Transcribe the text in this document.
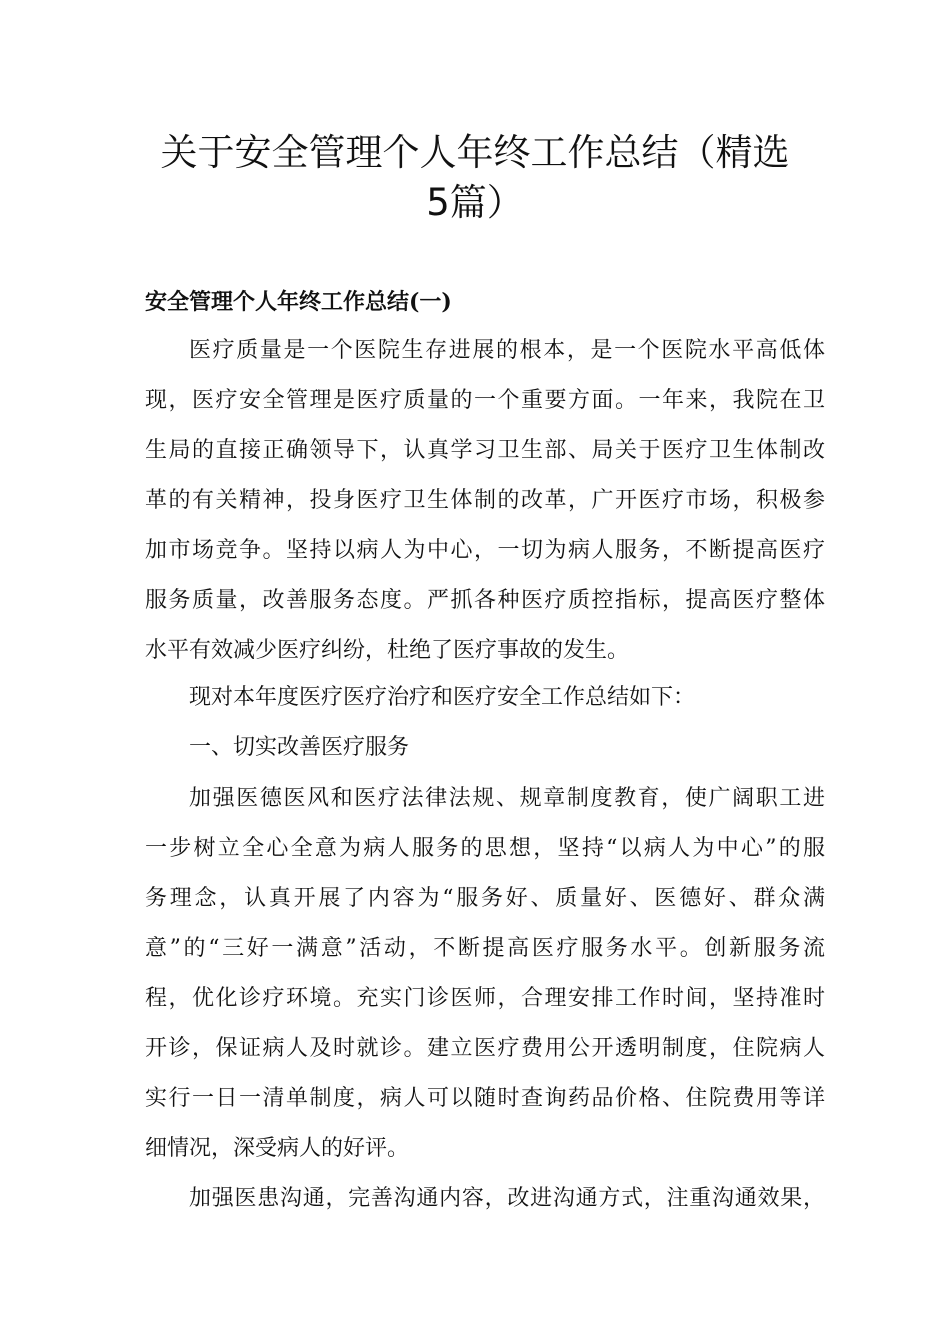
关于安全管理个人年终工作总结（精选
5篇）
安全管理个人年终工作总结(一)
医疗质量是一个医院生存进展的根本，是一个医院水平高低体
现，医疗安全管理是医疗质量的一个重要方面。一年来，我院在卫
生局的直接正确领导下，认真学习卫生部、局关于医疗卫生体制改
革的有关精神，投身医疗卫生体制的改革，广开医疗市场，积极参
加市场竞争。坚持以病人为中心，一切为病人服务，不断提高医疗
服务质量，改善服务态度。严抓各种医疗质控指标，提高医疗整体
水平有效减少医疗纠纷，杜绝了医疗事故的发生。
现对本年度医疗医疗治疗和医疗安全工作总结如下：
一、切实改善医疗服务
加强医德医风和医疗法律法规、规章制度教育，使广阔职工进
一步树立全心全意为病人服务的思想，坚持“以病人为中心”的服
务理念，认真开展了内容为“服务好、质量好、医德好、群众满
意”的“三好一满意”活动，不断提高医疗服务水平。创新服务流
程，优化诊疗环境。充实门诊医师，合理安排工作时间，坚持准时
开诊，保证病人及时就诊。建立医疗费用公开透明制度，住院病人
实行一日一清单制度，病人可以随时查询药品价格、住院费用等详
细情况，深受病人的好评。
加强医患沟通，完善沟通内容，改进沟通方式，注重沟通效果，
